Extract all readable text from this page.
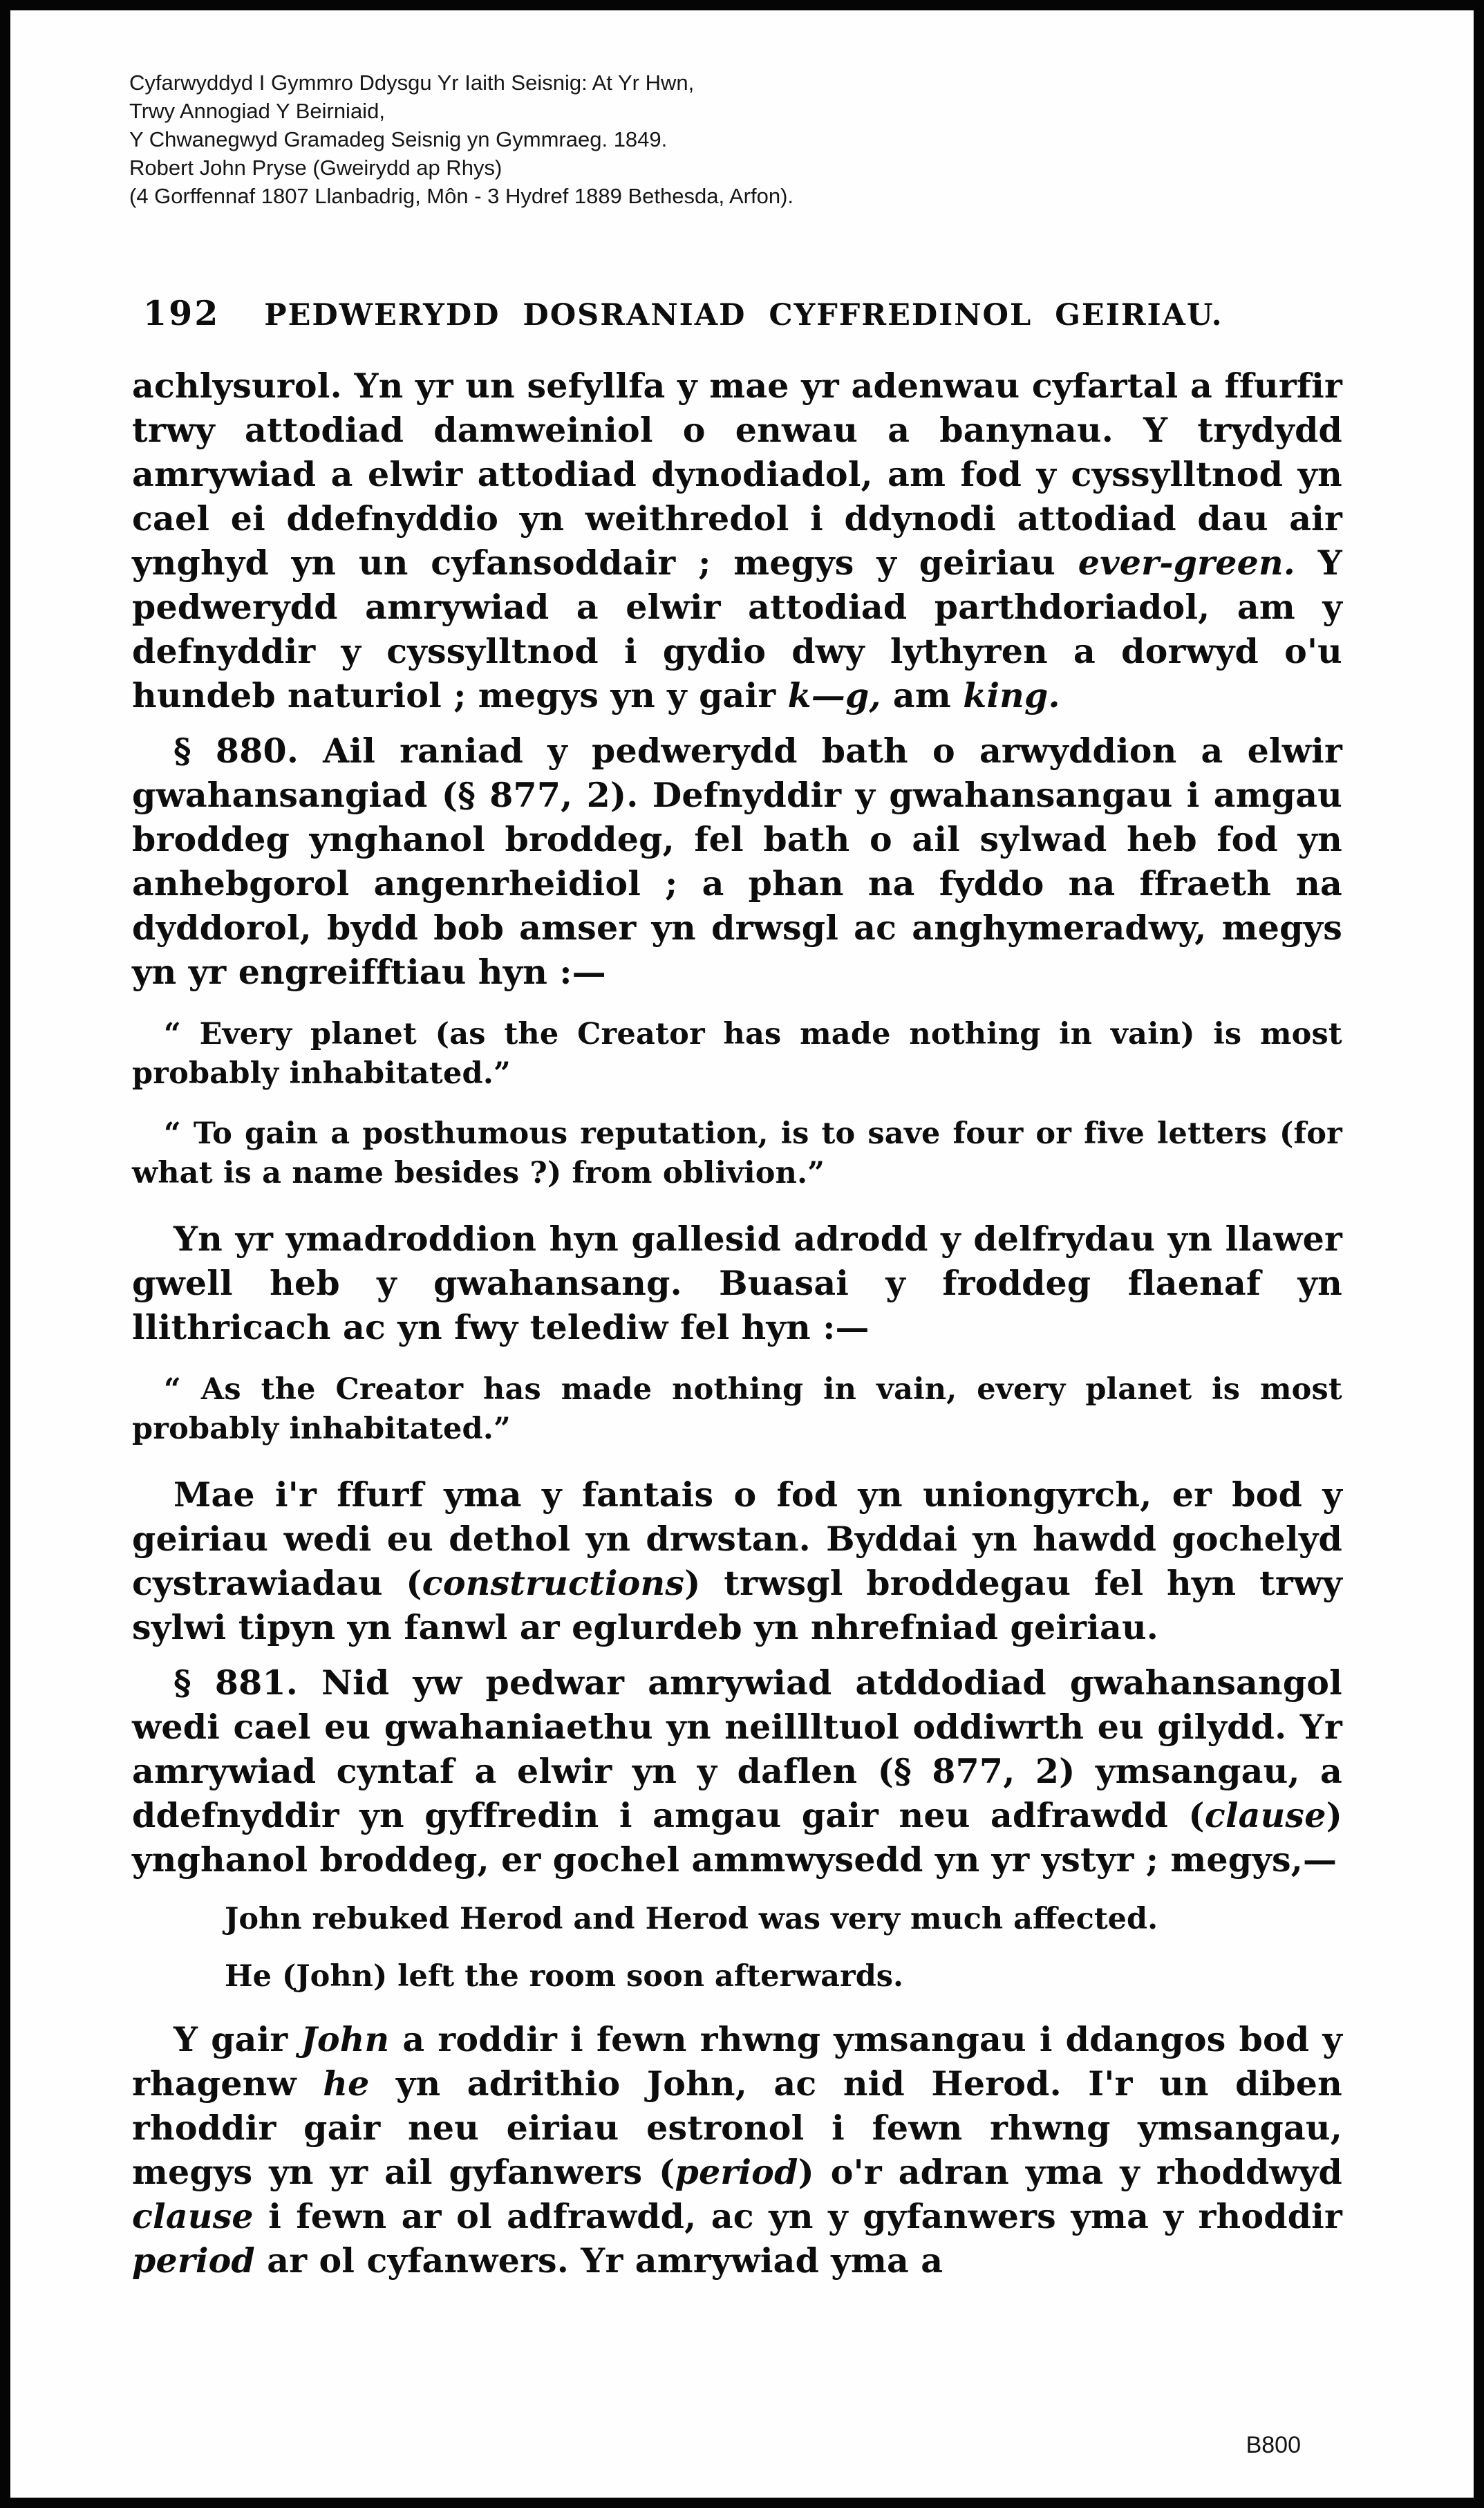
Cyfarwyddyd I Gymmro Ddysgu Yr Iaith Seisnig: At Yr Hwn,
Trwy Annogiad Y Beirniaid,
Y Chwanegwyd Gramadeg Seisnig yn Gymmraeg. 1849.
Robert John Pryse (Gweirydd ap Rhys)
(4 Gorffennaf 1807 Llanbadrig, Môn - 3 Hydref 1889 Bethesda, Arfon).
192 PEDWERYDD DOSRANIAD CYFFREDINOL GEIRIAU.

achlysurol. Yn yr un sefyllfa y mae yr adenwau cyfartal a ffurfir trwy attodiad damweiniol o enwau a banynau. Y trydydd amrywiad a elwir attodiad dynodiadol, am fod y cyssylltnod yn cael ei ddefnyddio yn weithredol i ddynodi attodiad dau air ynghyd yn un cyfansoddair ; megys y geiriau ever-green. Y pedwerydd amrywiad a elwir attodiad parthdoriadol, am y defnyddir y cyssylltnod i gydio dwy lythyren a dorwyd o'u hundeb naturiol ; megys yn y gair k—g, am king.

§ 880. Ail raniad y pedwerydd bath o arwyddion a elwir gwahansangiad (§ 877, 2). Defnyddir y gwahansangau i amgau broddeg ynghanol broddeg, fel bath o ail sylwad heb fod yn anhebgorol angenrheidiol ; a phan na fyddo na ffraeth na dyddorol, bydd bob amser yn drwsgl ac anghymeradwy, megys yn yr engreifftiau hyn :—

“ Every planet (as the Creator has made nothing in vain) is most probably inhabitated.”

“ To gain a posthumous reputation, is to save four or five letters (for what is a name besides ?) from oblivion.”

Yn yr ymadroddion hyn gallesid adrodd y delfrydau yn llawer gwell heb y gwahansang. Buasai y froddeg flaenaf yn llithricach ac yn fwy telediw fel hyn :—

“ As the Creator has made nothing in vain, every planet is most probably inhabitated.”

Mae i'r ffurf yma y fantais o fod yn uniongyrch, er bod y geiriau wedi eu dethol yn drwstan. Byddai yn hawdd gochelyd cystrawiadau (constructions) trwsgl broddegau fel hyn trwy sylwi tipyn yn fanwl ar eglurdeb yn nhrefniad geiriau.

§ 881. Nid yw pedwar amrywiad atddodiad gwahansangol wedi cael eu gwahaniaethu yn neillltuol oddiwrth eu gilydd. Yr amrywiad cyntaf a elwir yn y daflen (§ 877, 2) ymsangau, a ddefnyddir yn gyffredin i amgau gair neu adfrawdd (clause) ynghanol broddeg, er gochel ammwysedd yn yr ystyr ; megys,—

John rebuked Herod and Herod was very much affected.

He (John) left the room soon afterwards.

Y gair John a roddir i fewn rhwng ymsangau i ddangos bod y rhagenw he yn adrithio John, ac nid Herod. I'r un diben rhoddir gair neu eiriau estronol i fewn rhwng ymsangau, megys yn yr ail gyfanwers (period) o'r adran yma y rhoddwyd clause i fewn ar ol adfrawdd, ac yn y gyfanwers yma y rhoddir period ar ol cyfanwers. Yr amrywiad yma a

B800
